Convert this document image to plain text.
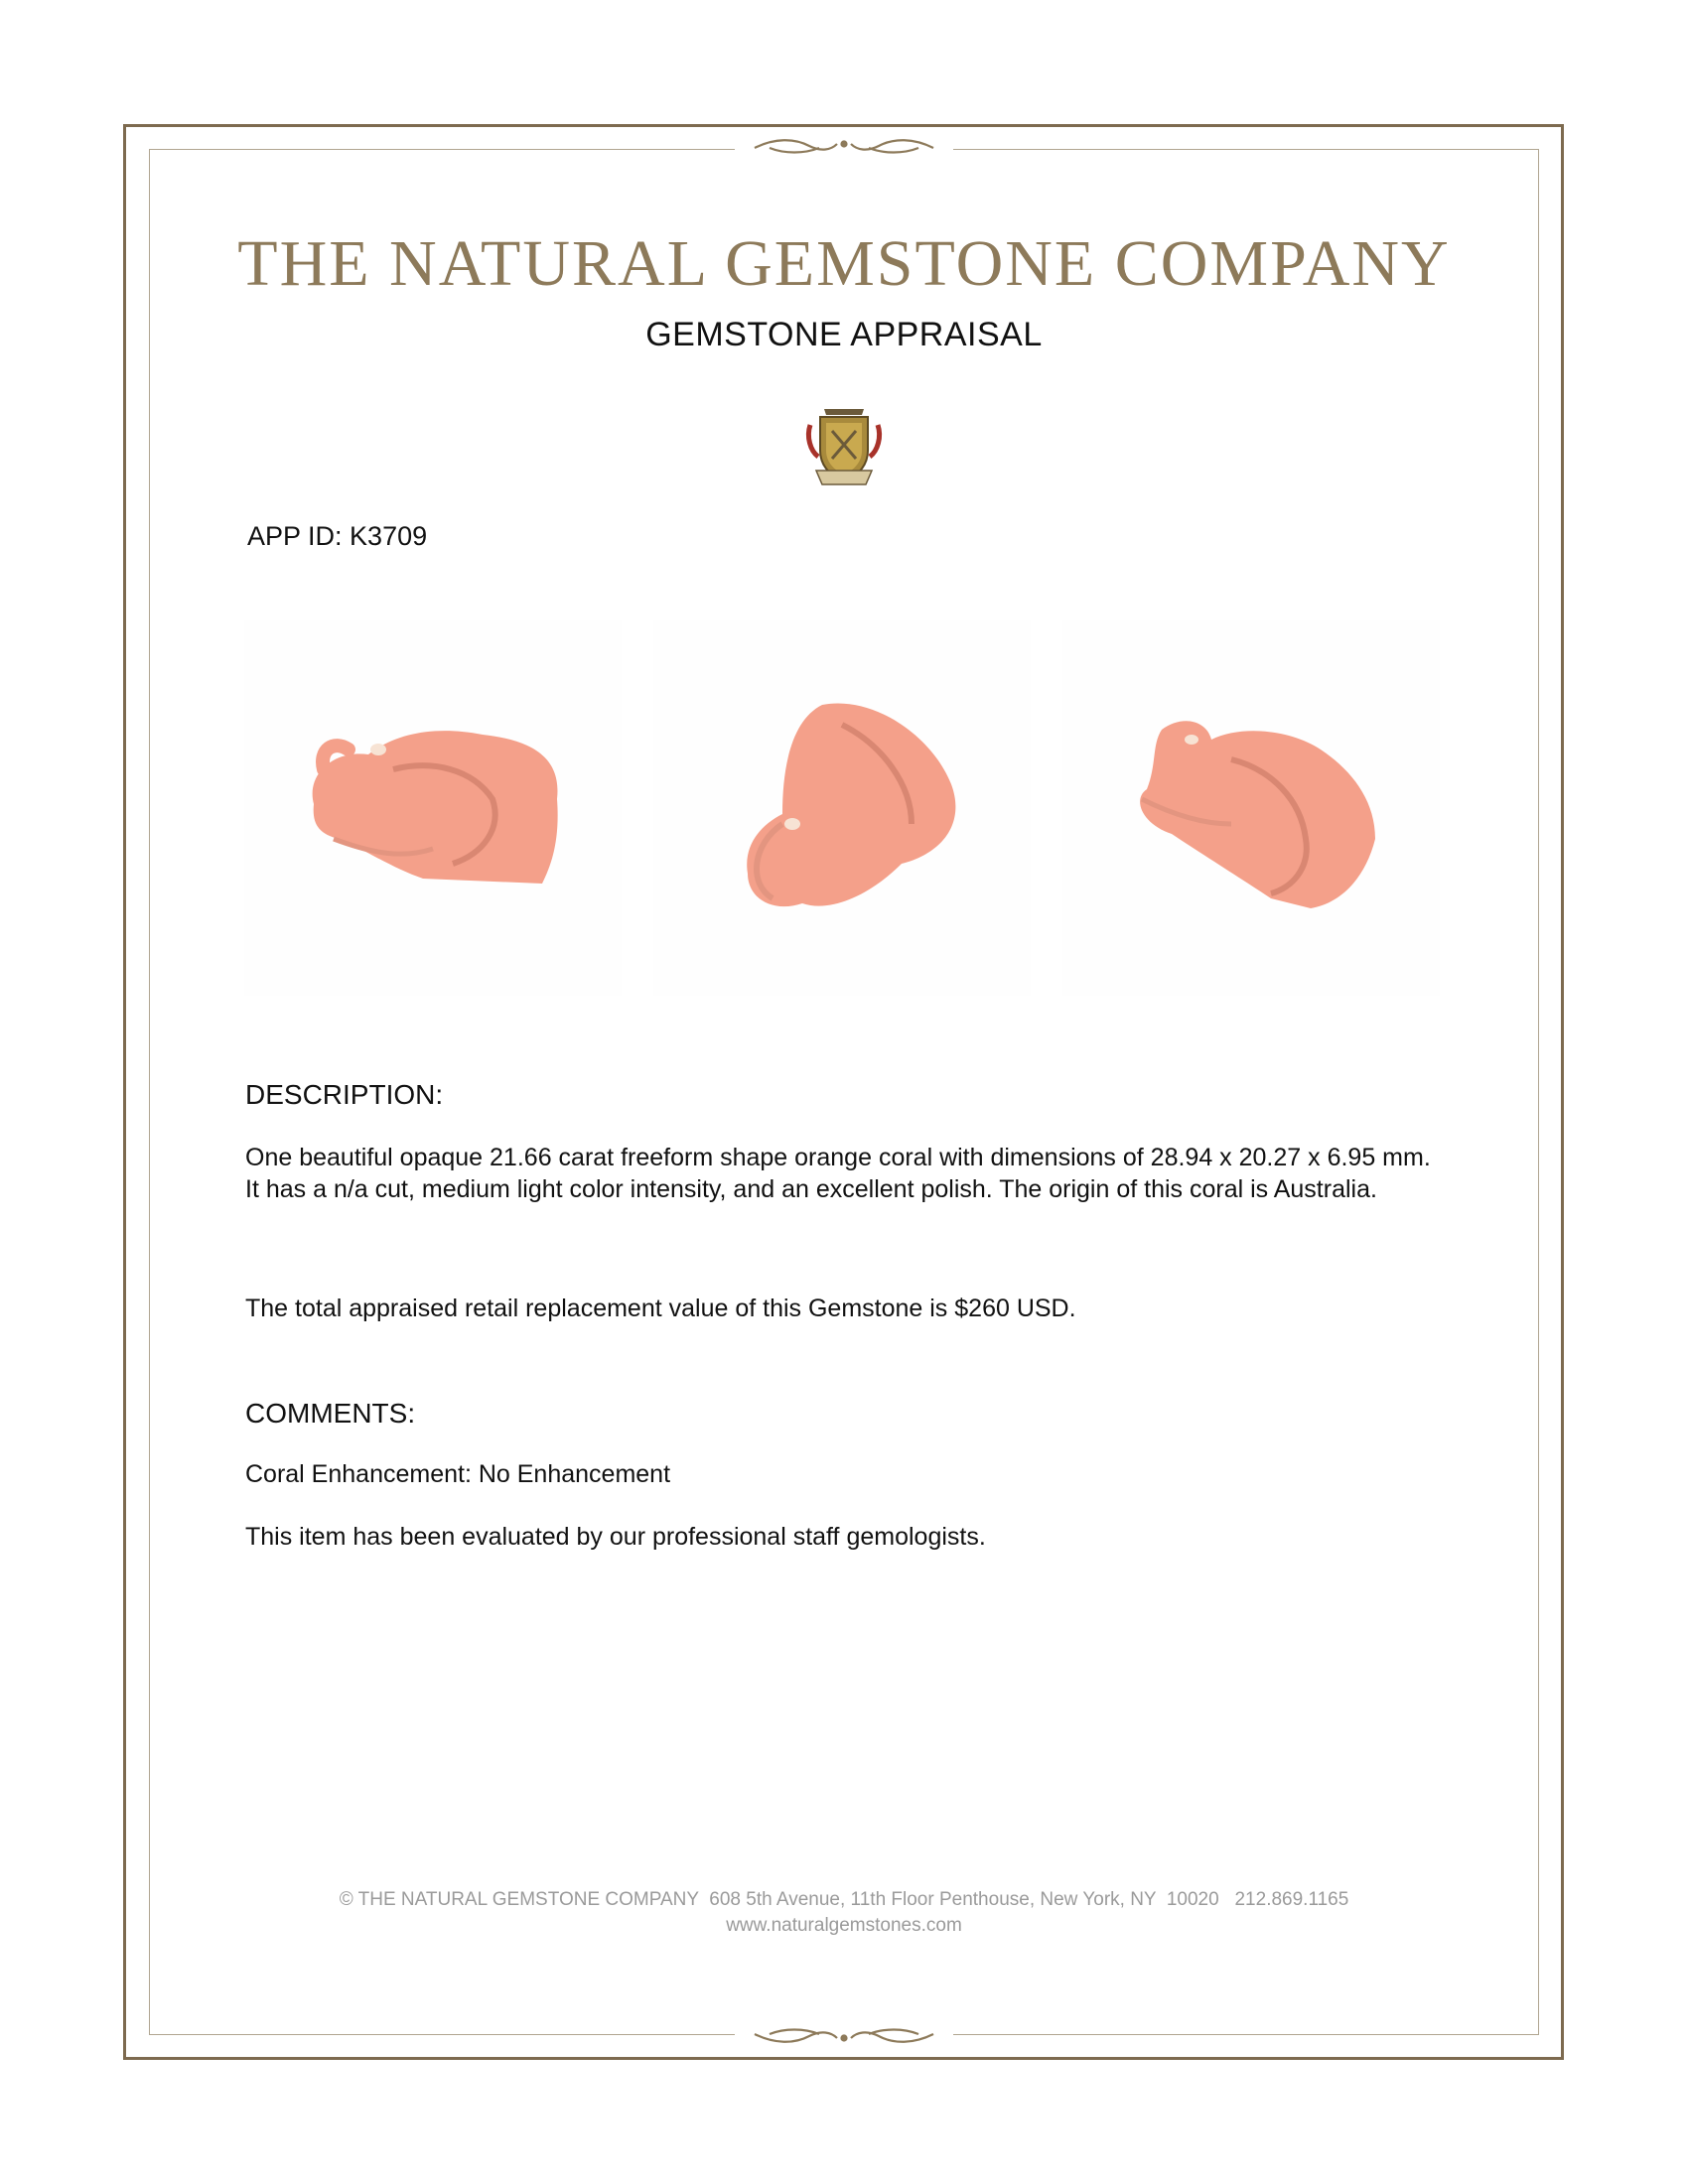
THE NATURAL GEMSTONE COMPANY
GEMSTONE APPRAISAL
APP ID: K3709
DESCRIPTION:
One beautiful opaque 21.66 carat freeform shape orange coral with dimensions of 28.94 x 20.27 x 6.95 mm. It has a n/a cut, medium light color intensity, and an excellent polish. The origin of this coral is Australia.
The total appraised retail replacement value of this Gemstone is $260 USD.
COMMENTS:
Coral Enhancement: No Enhancement
This item has been evaluated by our professional staff gemologists.
© THE NATURAL GEMSTONE COMPANY  608 5th Avenue, 11th Floor Penthouse, New York, NY  10020   212.869.1165
www.naturalgemstones.com
